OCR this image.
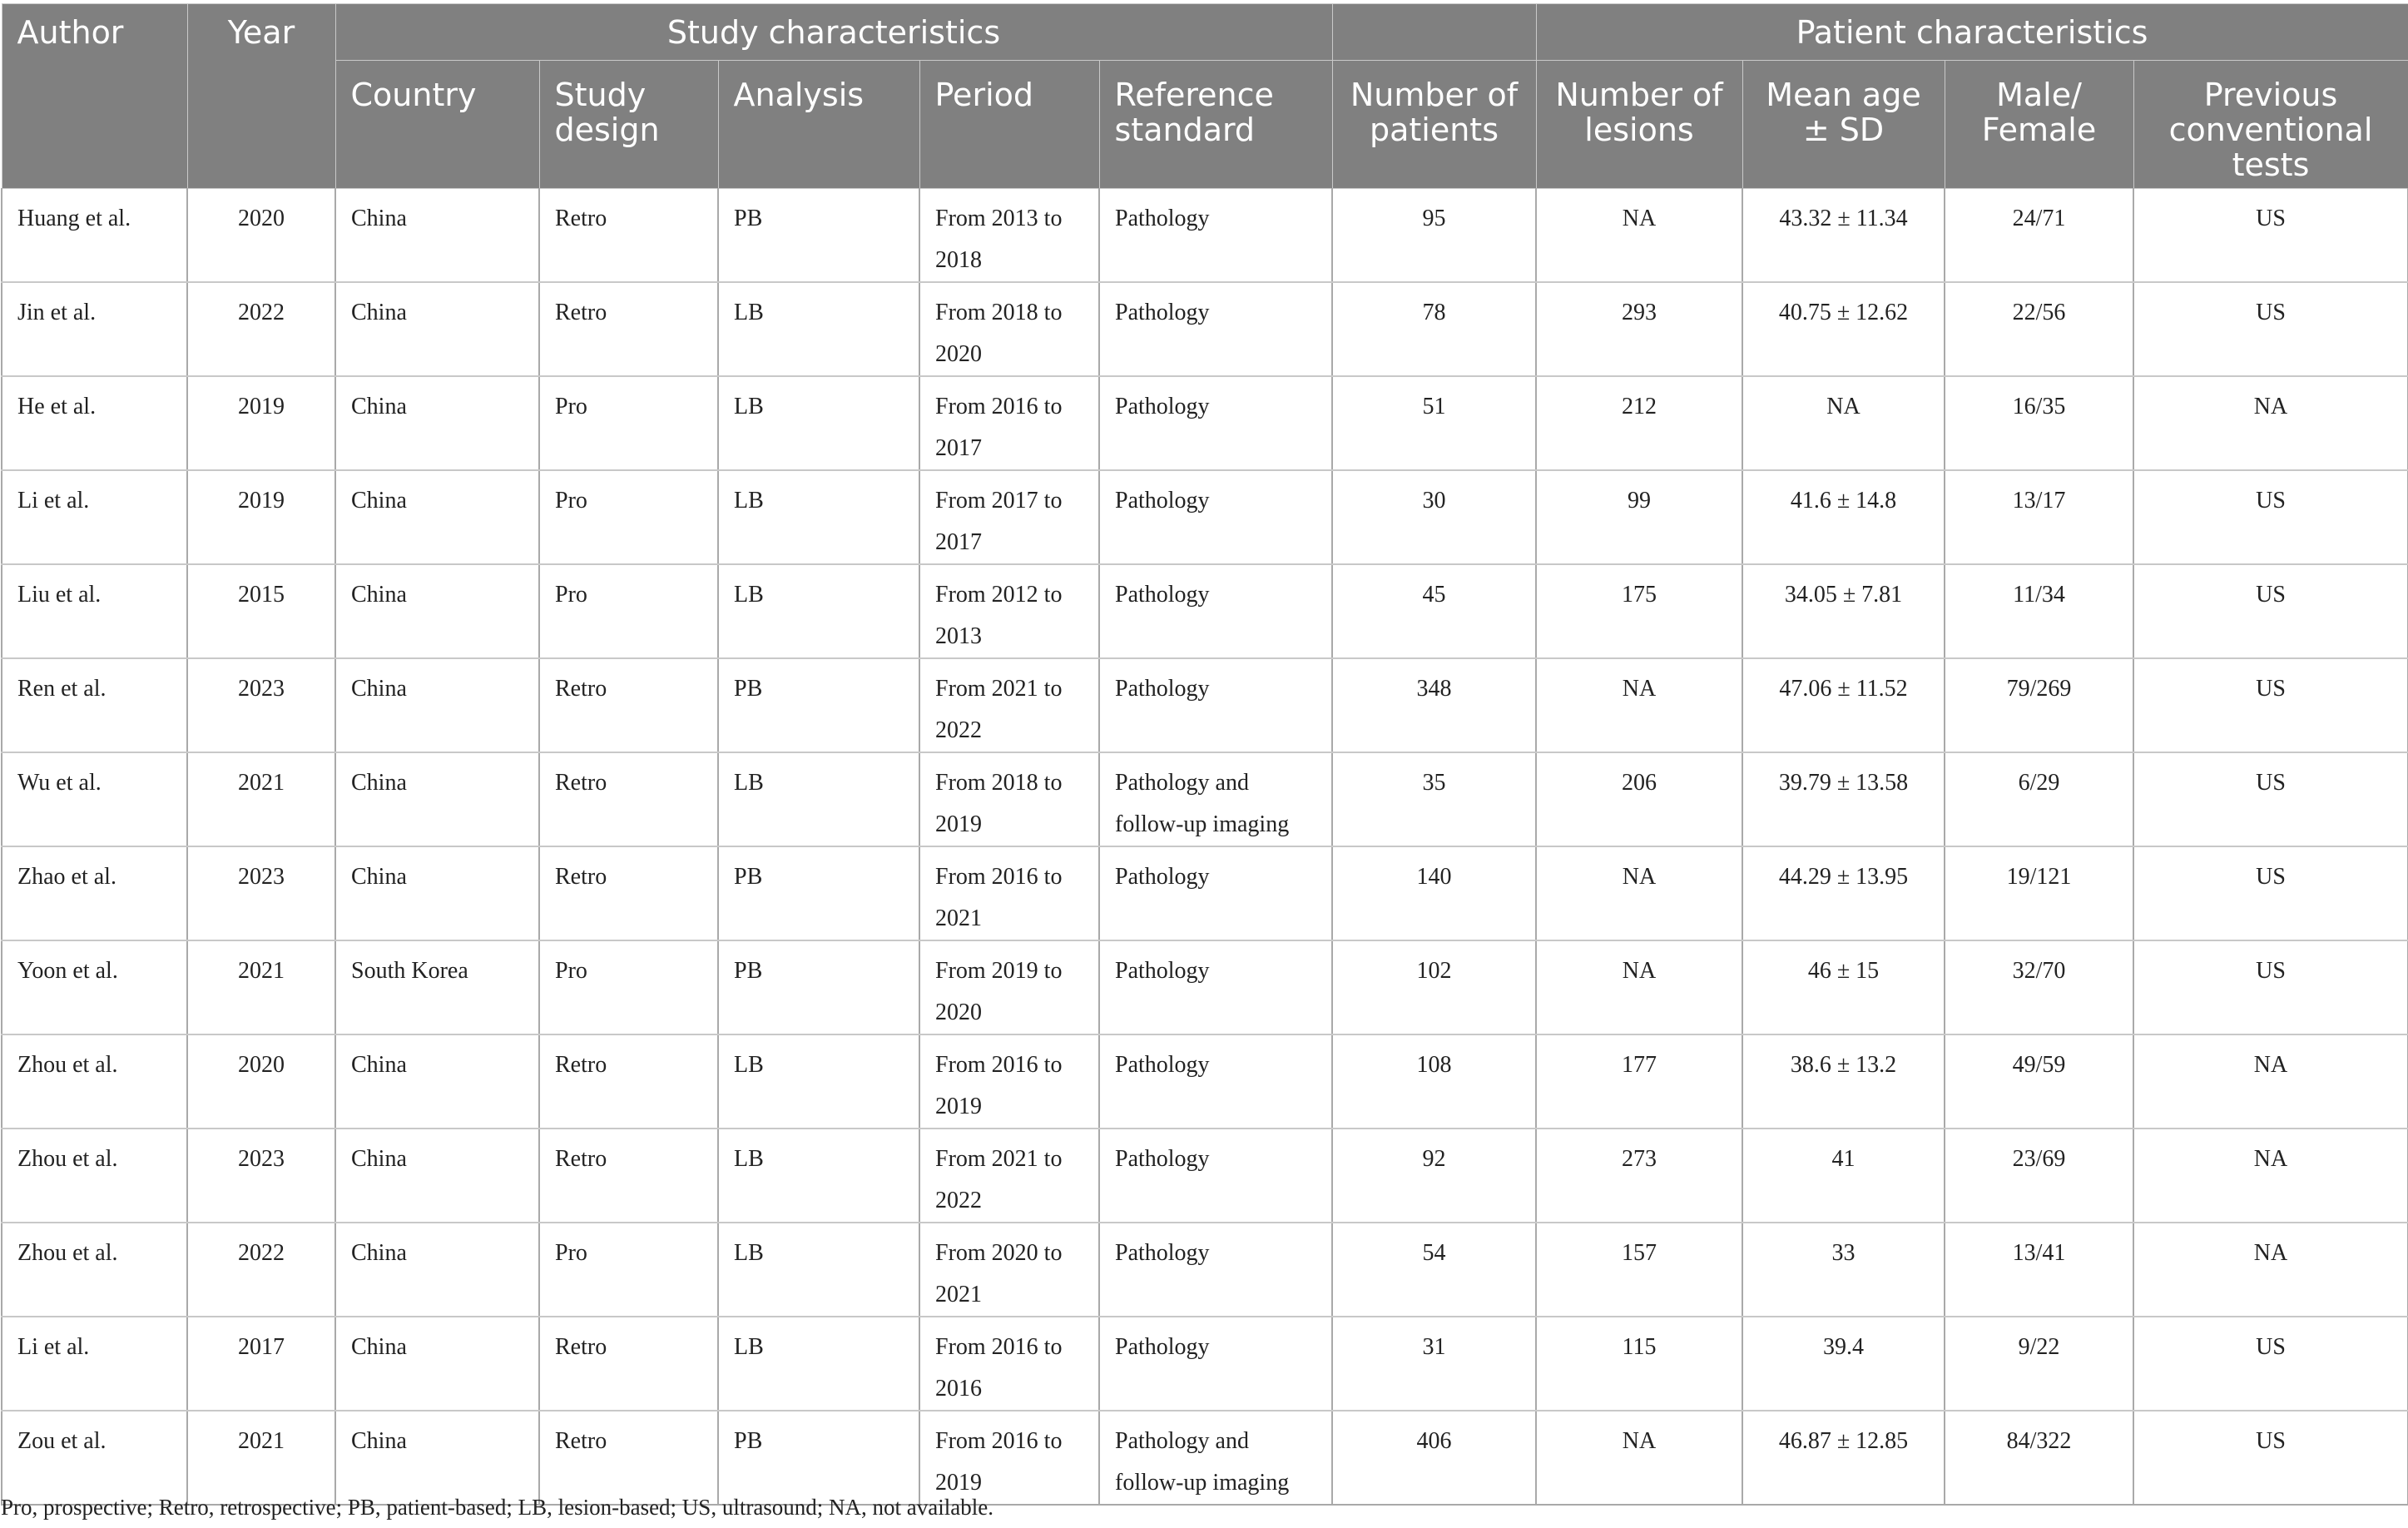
Author	Year	Study characteristics						Patient characteristics			
		Country	Study design	Analysis	Period	Reference standard	Number of patients	Number of lesions	Mean age ± SD	Male/ Female	Previous conventional tests
Huang et al.	2020	China	Retro	PB	From 2013 to 2018	Pathology	95	NA	43.32 ± 11.34	24/71	US
Jin et al.	2022	China	Retro	LB	From 2018 to 2020	Pathology	78	293	40.75 ± 12.62	22/56	US
He et al.	2019	China	Pro	LB	From 2016 to 2017	Pathology	51	212	NA	16/35	NA
Li et al.	2019	China	Pro	LB	From 2017 to 2017	Pathology	30	99	41.6 ± 14.8	13/17	US
Liu et al.	2015	China	Pro	LB	From 2012 to 2013	Pathology	45	175	34.05 ± 7.81	11/34	US
Ren et al.	2023	China	Retro	PB	From 2021 to 2022	Pathology	348	NA	47.06 ± 11.52	79/269	US
Wu et al.	2021	China	Retro	LB	From 2018 to 2019	Pathology and follow-up imaging	35	206	39.79 ± 13.58	6/29	US
Zhao et al.	2023	China	Retro	PB	From 2016 to 2021	Pathology	140	NA	44.29 ± 13.95	19/121	US
Yoon et al.	2021	South Korea	Pro	PB	From 2019 to 2020	Pathology	102	NA	46 ± 15	32/70	US
Zhou et al.	2020	China	Retro	LB	From 2016 to 2019	Pathology	108	177	38.6 ± 13.2	49/59	NA
Zhou et al.	2023	China	Retro	LB	From 2021 to 2022	Pathology	92	273	41	23/69	NA
Zhou et al.	2022	China	Pro	LB	From 2020 to 2021	Pathology	54	157	33	13/41	NA
Li et al.	2017	China	Retro	LB	From 2016 to 2016	Pathology	31	115	39.4	9/22	US
Zou et al.	2021	China	Retro	PB	From 2016 to 2019	Pathology and follow-up imaging	406	NA	46.87 ± 12.85	84/322	US
Pro, prospective; Retro, retrospective; PB, patient-based; LB, lesion-based; US, ultrasound; NA, not available.
